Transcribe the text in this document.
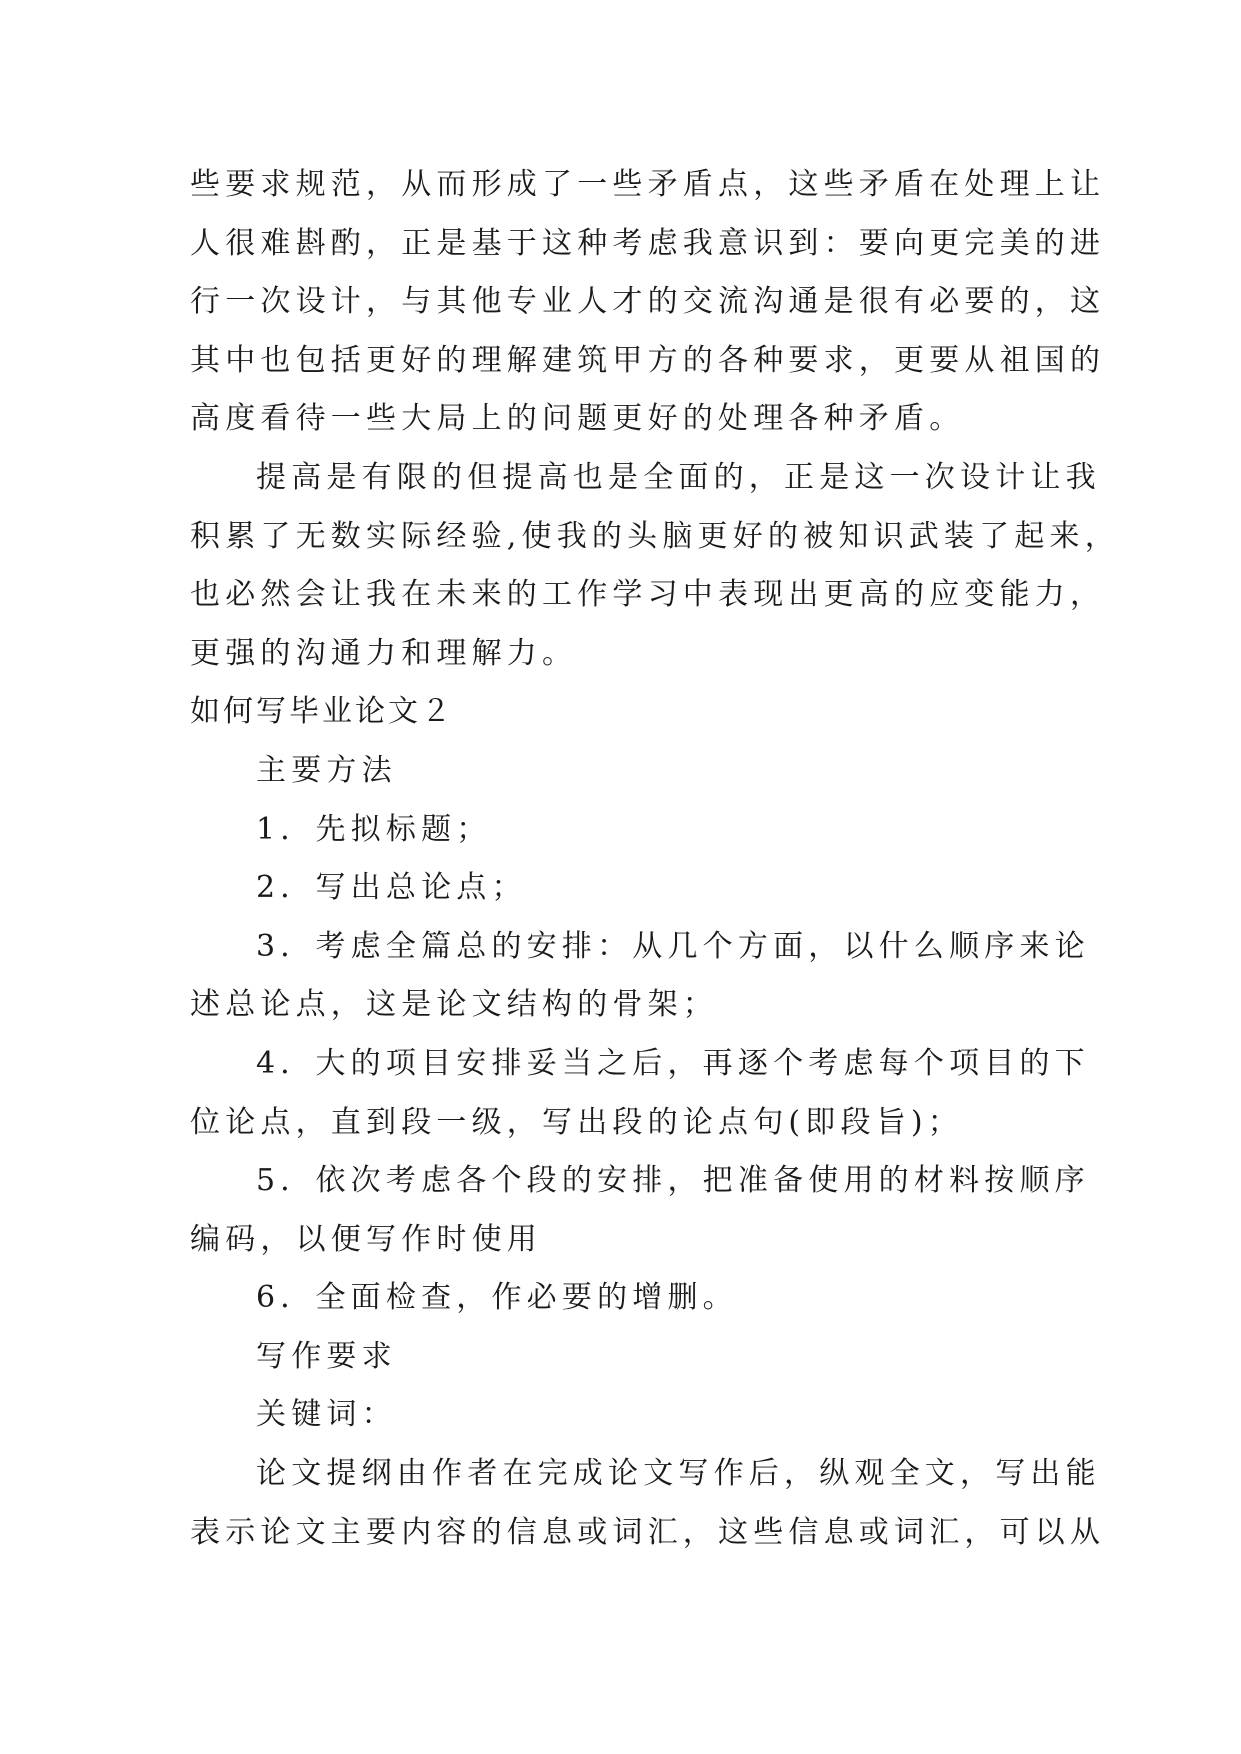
些要求规范，从而形成了一些矛盾点，这些矛盾在处理上让
人很难斟酌，正是基于这种考虑我意识到：要向更完美的进
行一次设计，与其他专业人才的交流沟通是很有必要的，这
其中也包括更好的理解建筑甲方的各种要求，更要从祖国的
高度看待一些大局上的问题更好的处理各种矛盾。
提高是有限的但提高也是全面的，正是这一次设计让我
积累了无数实际经验,使我的头脑更好的被知识武装了起来，
也必然会让我在未来的工作学习中表现出更高的应变能力，
更强的沟通力和理解力。
如何写毕业论文２
主要方法
1．先拟标题；
2．写出总论点；
3．考虑全篇总的安排：从几个方面，以什么顺序来论
述总论点，这是论文结构的骨架；
4．大的项目安排妥当之后，再逐个考虑每个项目的下
位论点，直到段一级，写出段的论点句(即段旨)；
5．依次考虑各个段的安排，把准备使用的材料按顺序
编码，以便写作时使用
6．全面检查，作必要的增删。
写作要求
关键词：
论文提纲由作者在完成论文写作后，纵观全文，写出能
表示论文主要内容的信息或词汇，这些信息或词汇，可以从
